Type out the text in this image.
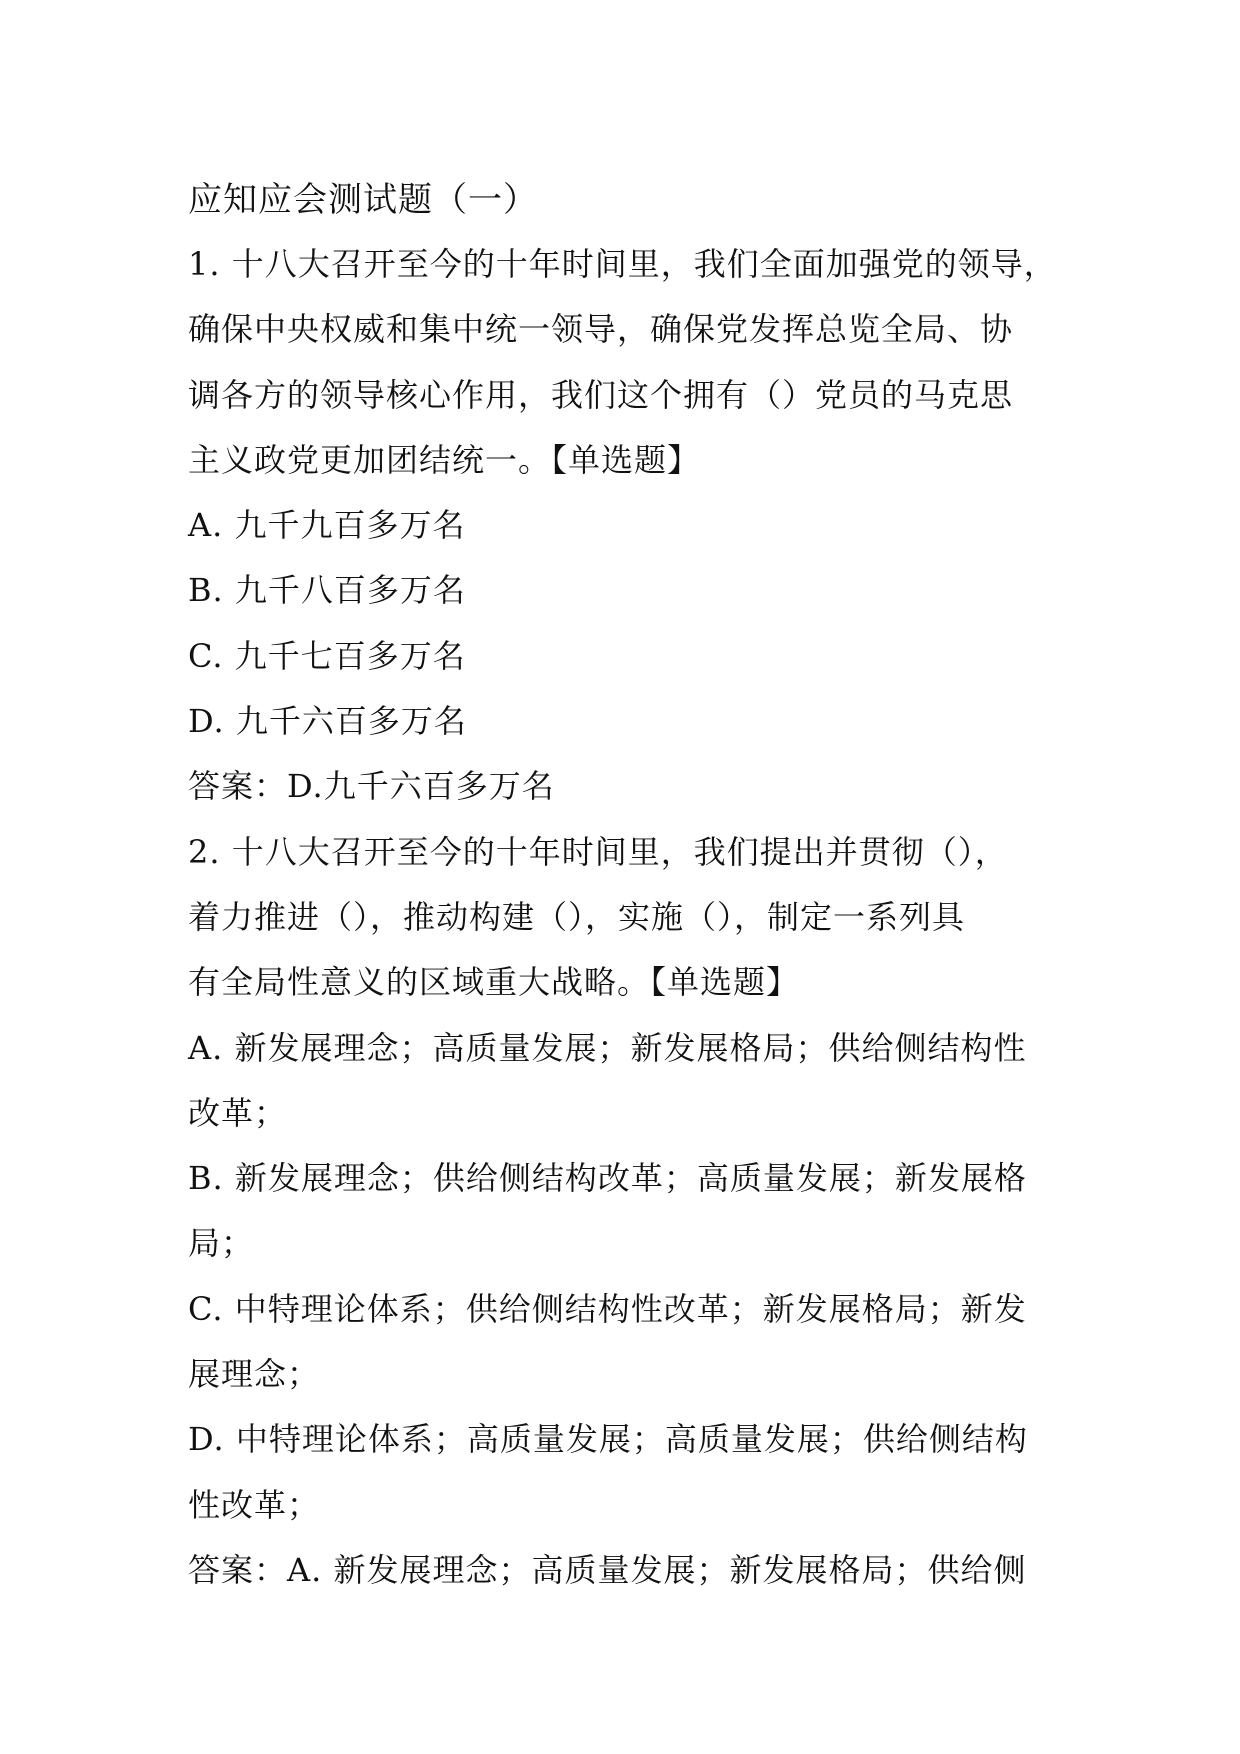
应知应会测试题（一）

1. 十八大召开至今的十年时间里，我们全面加强党的领导，

确保中央权威和集中统一领导，确保党发挥总览全局、协

调各方的领导核心作用，我们这个拥有（）党员的马克思

主义政党更加团结统一。【单选题】

A. 九千九百多万名

B. 九千八百多万名

C. 九千七百多万名

D. 九千六百多万名

答案：D.九千六百多万名

2. 十八大召开至今的十年时间里，我们提出并贯彻（），

着力推进（），推动构建（），实施（），制定一系列具

有全局性意义的区域重大战略。【单选题】

A. 新发展理念；高质量发展；新发展格局；供给侧结构性

改革；

B. 新发展理念；供给侧结构改革；高质量发展；新发展格

局；

C. 中特理论体系；供给侧结构性改革；新发展格局；新发

展理念；

D. 中特理论体系；高质量发展；高质量发展；供给侧结构

性改革；

答案：A. 新发展理念；高质量发展；新发展格局；供给侧
